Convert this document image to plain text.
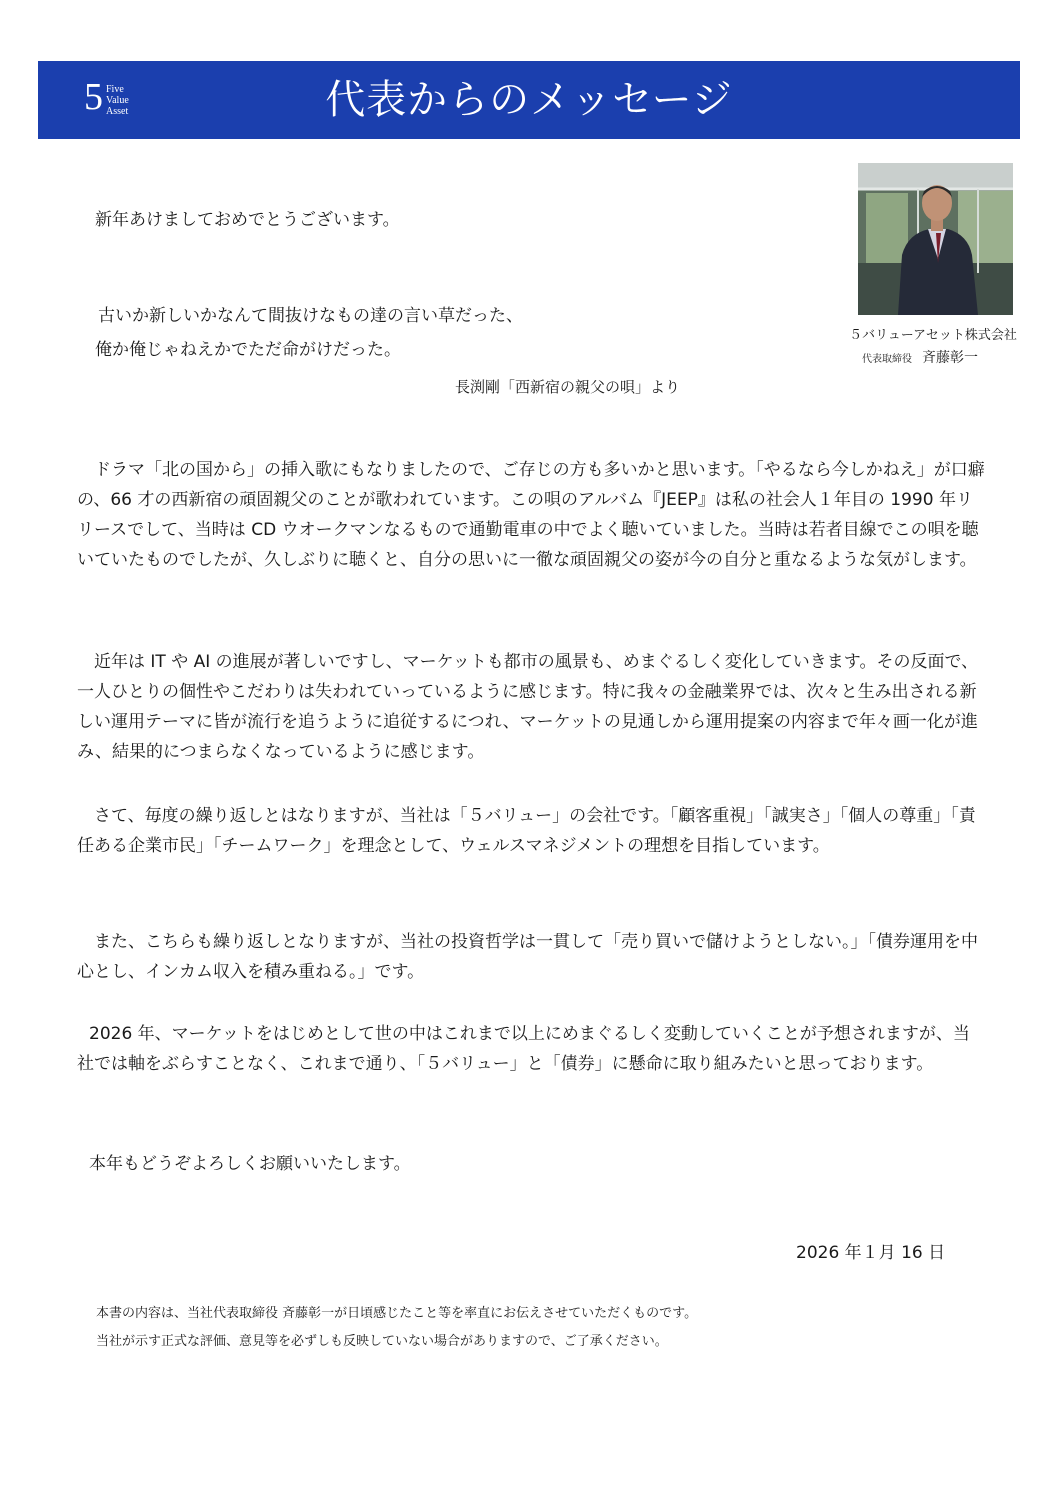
5 Five
Value
Asset	代表からのメッセージ
５バリューアセット株式会社
代表取締役 斉藤彰一
新年あけましておめでとうございます。
古いか新しいかなんて間抜けなもの達の言い草だった、
俺か俺じゃねえかでただ命がけだった。
長渕剛「西新宿の親父の唄」より

ドラマ「北の国から」の挿入歌にもなりましたので、ご存じの方も多いかと思います。「やるなら今しかねえ」が口癖の、66 才の西新宿の頑固親父のことが歌われています。この唄のアルバム『JEEP』は私の社会人１年目の 1990 年リリースでして、当時は CD ウオークマンなるもので通勤電車の中でよく聴いていました。当時は若者目線でこの唄を聴いていたものでしたが、久しぶりに聴くと、自分の思いに一徹な頑固親父の姿が今の自分と重なるような気がします。

近年は IT や AI の進展が著しいですし、マーケットも都市の風景も、めまぐるしく変化していきます。その反面で、一人ひとりの個性やこだわりは失われていっているように感じます。特に我々の金融業界では、次々と生み出される新しい運用テーマに皆が流行を追うように追従するにつれ、マーケットの見通しから運用提案の内容まで年々画一化が進み、結果的につまらなくなっているように感じます。

さて、毎度の繰り返しとはなりますが、当社は「５バリュー」の会社です。「顧客重視」「誠実さ」「個人の尊重」「責任ある企業市民」「チームワーク」を理念として、ウェルスマネジメントの理想を目指しています。

また、こちらも繰り返しとなりますが、当社の投資哲学は一貫して「売り買いで儲けようとしない。」「債券運用を中心とし、インカム収入を積み重ねる。」です。

2026 年、マーケットをはじめとして世の中はこれまで以上にめまぐるしく変動していくことが予想されますが、当社では軸をぶらすことなく、これまで通り、「５バリュー」と「債券」に懸命に取り組みたいと思っております。

本年もどうぞよろしくお願いいたします。

2026 年１月 16 日
本書の内容は、当社代表取締役 斉藤彰一が日頃感じたこと等を率直にお伝えさせていただくものです。
当社が示す正式な評価、意見等を必ずしも反映していない場合がありますので、ご了承ください。
